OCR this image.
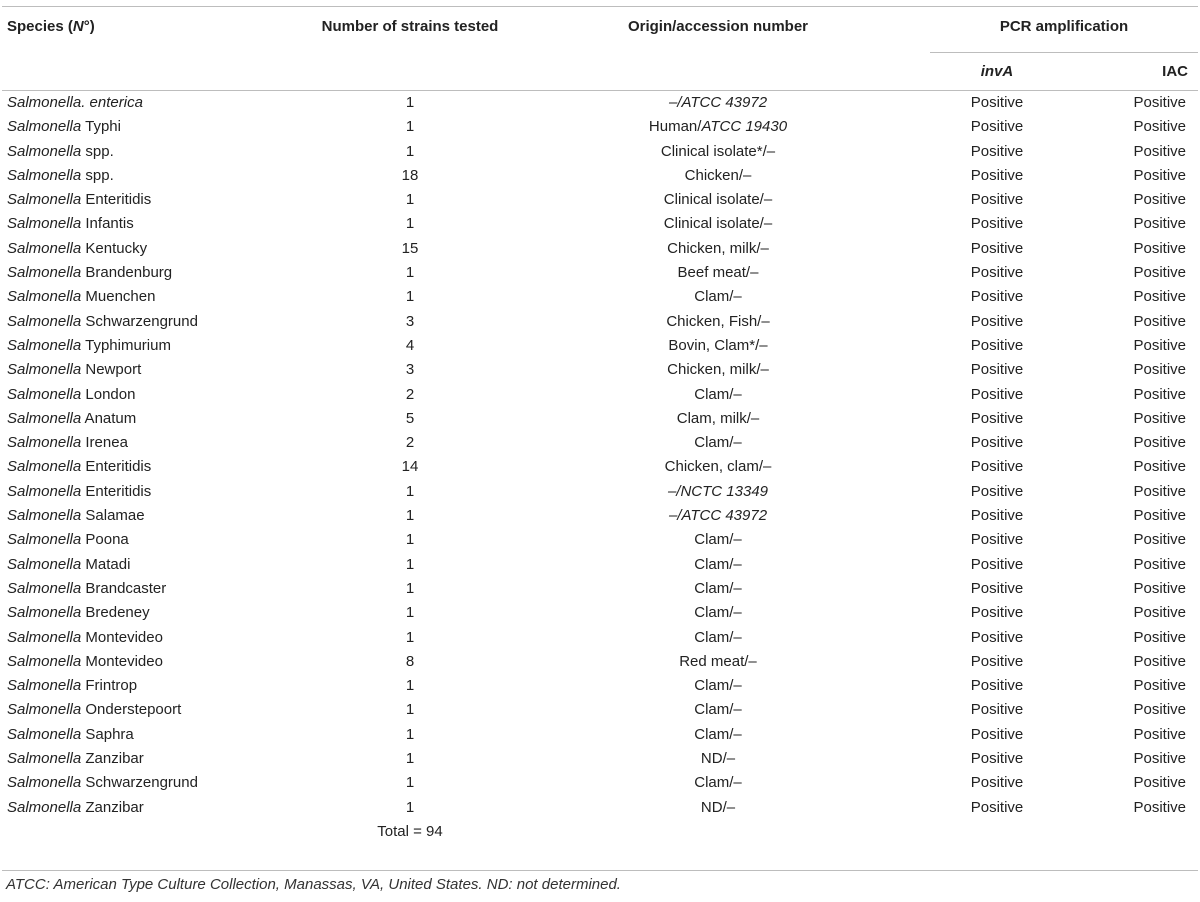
Species (N°)	Number of strains tested	Origin/accession number	PCR amplification	
			invA	IAC

Salmonella. enterica	1	–/ATCC 43972	Positive	Positive
Salmonella Typhi	1	Human/ATCC 19430	Positive	Positive
Salmonella spp.	1	Clinical isolate*/–	Positive	Positive
Salmonella spp.	18	Chicken/–	Positive	Positive
Salmonella Enteritidis	1	Clinical isolate/–	Positive	Positive
Salmonella Infantis	1	Clinical isolate/–	Positive	Positive
Salmonella Kentucky	15	Chicken, milk/–	Positive	Positive
Salmonella Brandenburg	1	Beef meat/–	Positive	Positive
Salmonella Muenchen	1	Clam/–	Positive	Positive
Salmonella Schwarzengrund	3	Chicken, Fish/–	Positive	Positive
Salmonella Typhimurium	4	Bovin, Clam*/–	Positive	Positive
Salmonella Newport	3	Chicken, milk/–	Positive	Positive
Salmonella London	2	Clam/–	Positive	Positive
Salmonella Anatum	5	Clam, milk/–	Positive	Positive
Salmonella Irenea	2	Clam/–	Positive	Positive
Salmonella Enteritidis	14	Chicken, clam/–	Positive	Positive
Salmonella Enteritidis	1	–/NCTC 13349	Positive	Positive
Salmonella Salamae	1	–/ATCC 43972	Positive	Positive
Salmonella Poona	1	Clam/–	Positive	Positive
Salmonella Matadi	1	Clam/–	Positive	Positive
Salmonella Brandcaster	1	Clam/–	Positive	Positive
Salmonella Bredeney	1	Clam/–	Positive	Positive
Salmonella Montevideo	1	Clam/–	Positive	Positive
Salmonella Montevideo	8	Red meat/–	Positive	Positive
Salmonella Frintrop	1	Clam/–	Positive	Positive
Salmonella Onderstepoort	1	Clam/–	Positive	Positive
Salmonella Saphra	1	Clam/–	Positive	Positive
Salmonella Zanzibar	1	ND/–	Positive	Positive
Salmonella Schwarzengrund	1	Clam/–	Positive	Positive
Salmonella Zanzibar	1	ND/–	Positive	Positive
	Total = 94			
ATCC: American Type Culture Collection, Manassas, VA, United States. ND: not determined.
